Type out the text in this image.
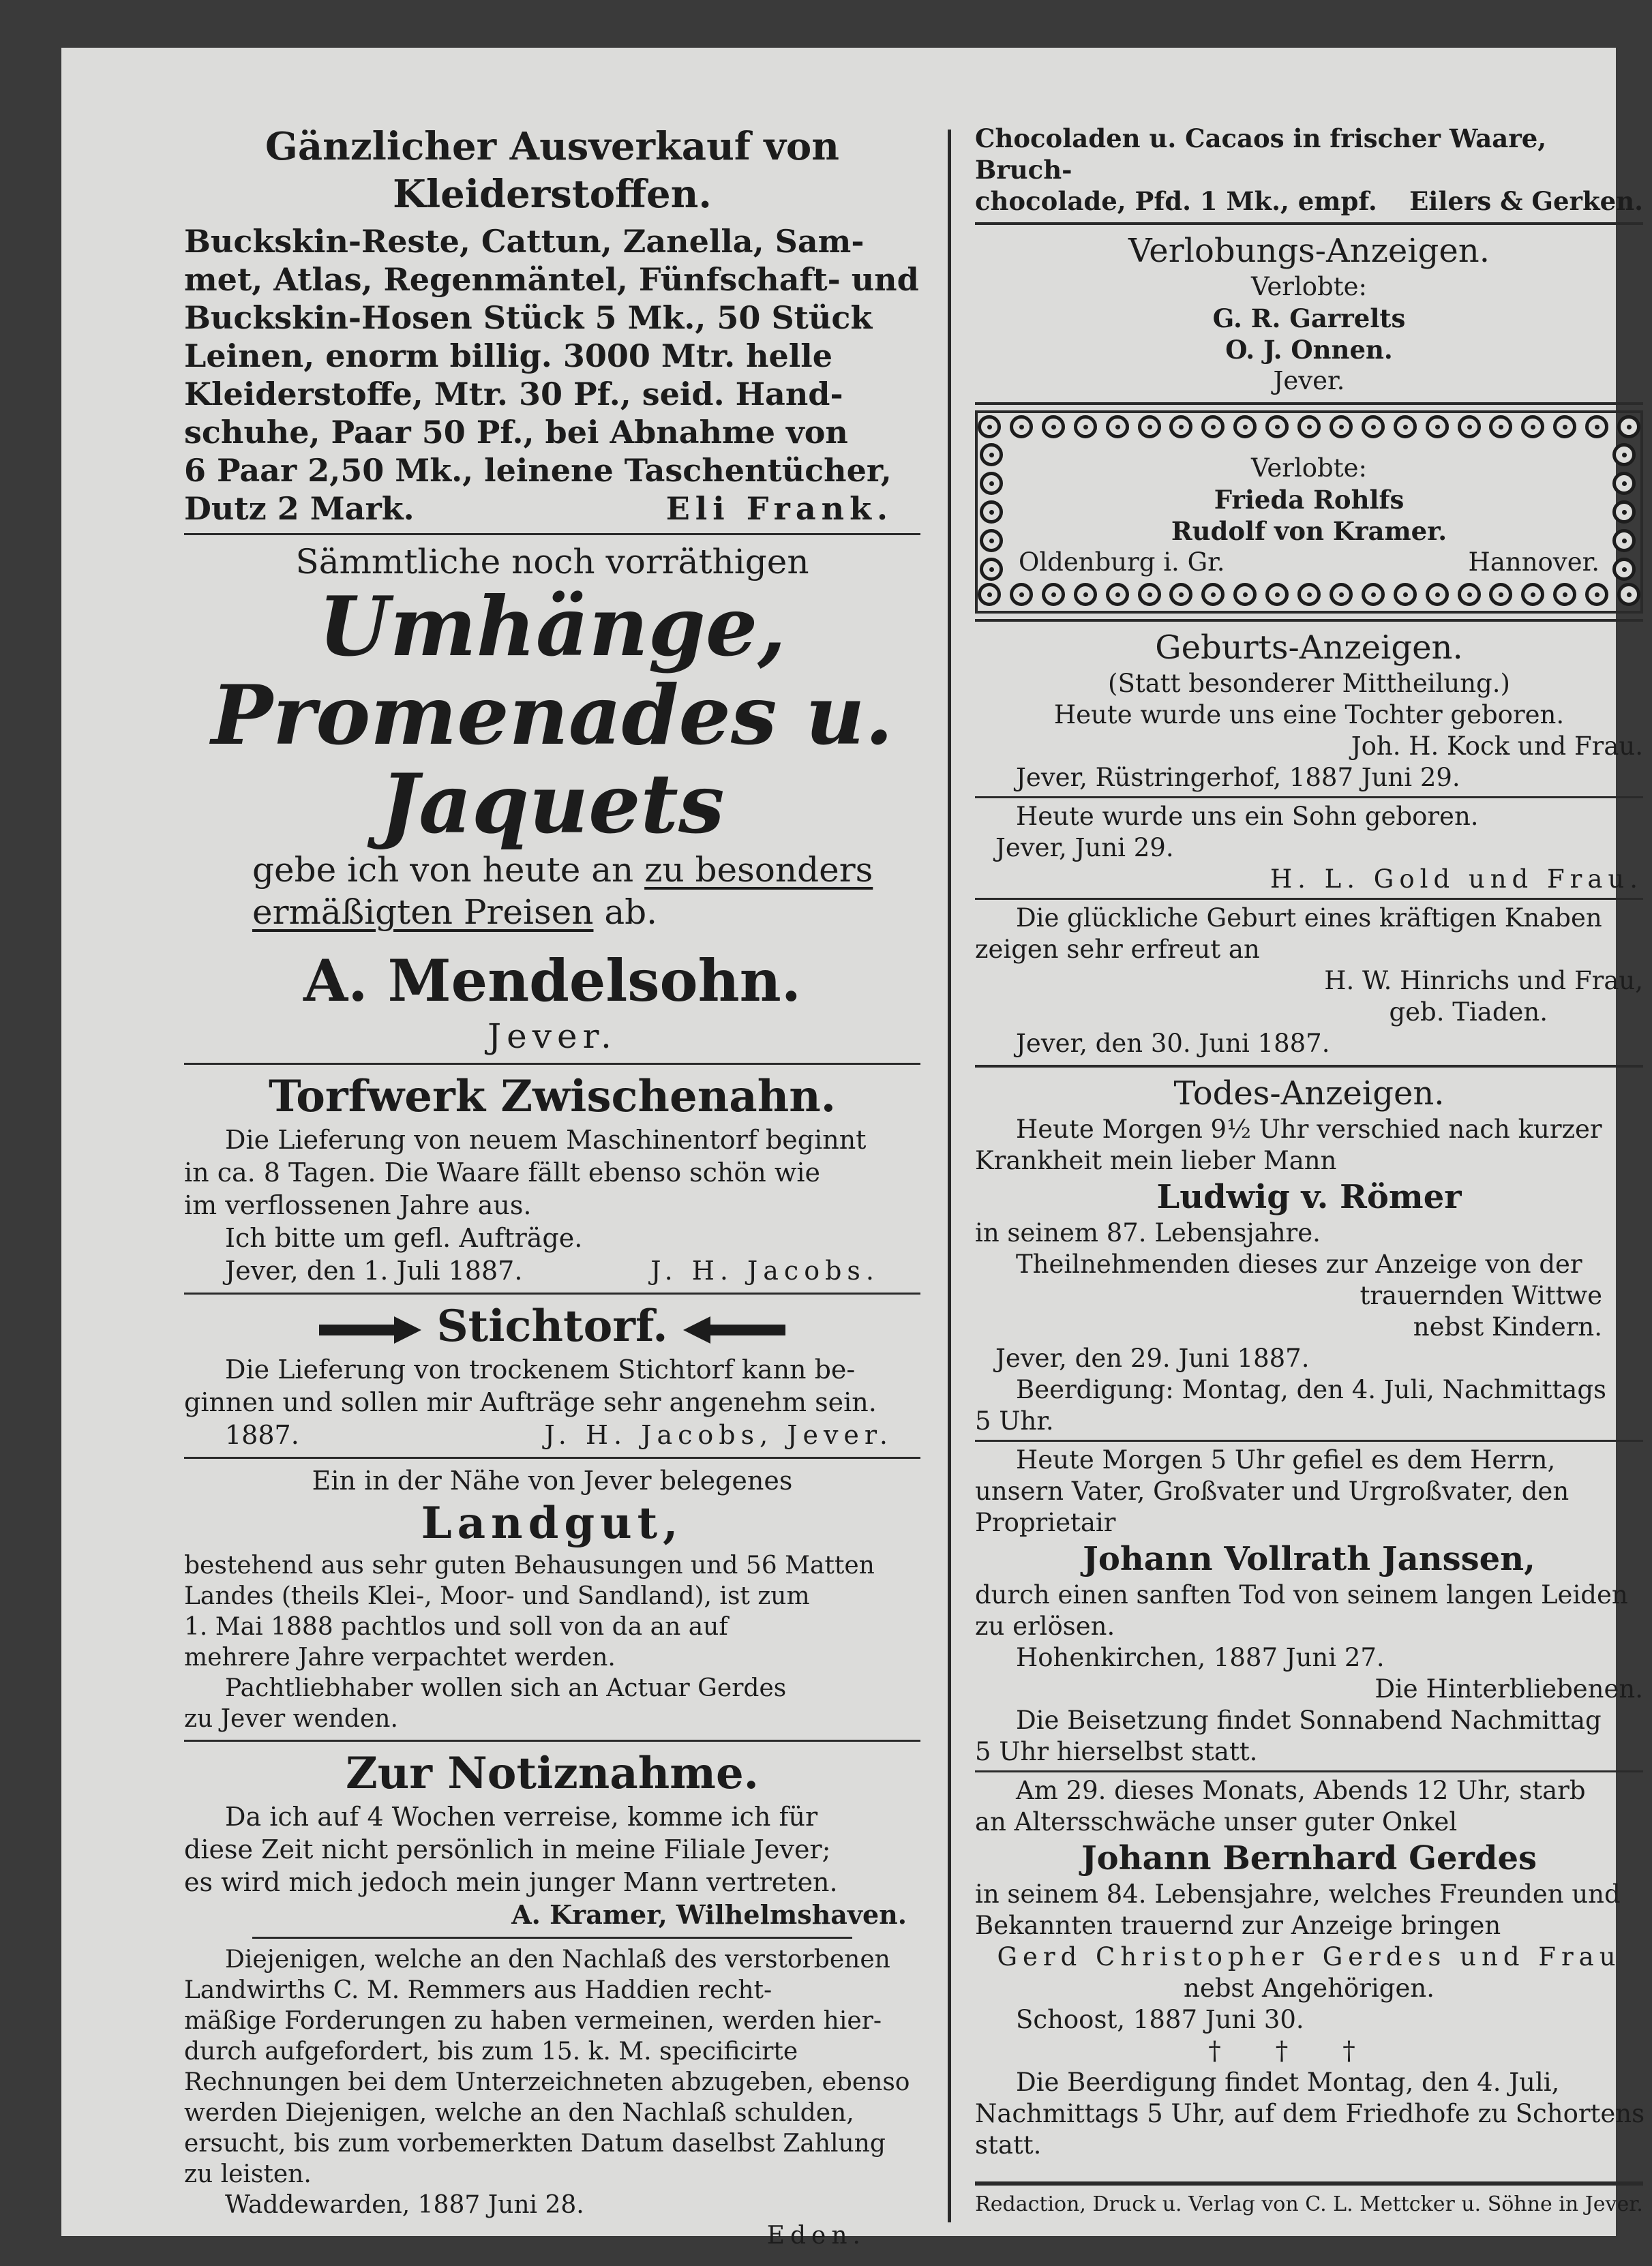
Gänzlicher Ausverkauf von
Kleiderstoffen.
Buckskin-Reste, Cattun, Zanella, Sam-
met, Atlas, Regenmäntel, Fünfschaft- und
Buckskin-Hosen Stück 5 Mk., 50 Stück
Leinen, enorm billig. 3000 Mtr. helle
Kleiderstoffe, Mtr. 30 Pf., seid. Hand-
schuhe, Paar 50 Pf., bei Abnahme von
6 Paar 2,50 Mk., leinene Taschentücher,
Dutz 2 Mark.	Eli Frank.
Sämmtliche noch vorräthigen
Umhänge,
Promenades u.
Jaquets
gebe ich von heute an zu besonders
ermäßigten Preisen ab.
A. Mendelsohn.
Jever.
Torfwerk Zwischenahn.
Die Lieferung von neuem Maschinentorf beginnt
in ca. 8 Tagen. Die Waare fällt ebenso schön wie
im verflossenen Jahre aus.
Ich bitte um gefl. Aufträge.
Jever, den 1. Juli 1887.	J. H. Jacobs.
Stichtorf.
Die Lieferung von trockenem Stichtorf kann be-
ginnen und sollen mir Aufträge sehr angenehm sein.
1887.	J. H. Jacobs, Jever.
Ein in der Nähe von Jever belegenes
Landgut,
bestehend aus sehr guten Behausungen und 56 Matten
Landes (theils Klei-, Moor- und Sandland), ist zum
1. Mai 1888 pachtlos und soll von da an auf
mehrere Jahre verpachtet werden.
Pachtliebhaber wollen sich an Actuar Gerdes
zu Jever wenden.
Zur Notiznahme.
Da ich auf 4 Wochen verreise, komme ich für
diese Zeit nicht persönlich in meine Filiale Jever;
es wird mich jedoch mein junger Mann vertreten.
A. Kramer, Wilhelmshaven.
Diejenigen, welche an den Nachlaß des verstorbenen
Landwirths C. M. Remmers aus Haddien recht-
mäßige Forderungen zu haben vermeinen, werden hier-
durch aufgefordert, bis zum 15. k. M. specificirte
Rechnungen bei dem Unterzeichneten abzugeben, ebenso
werden Diejenigen, welche an den Nachlaß schulden,
ersucht, bis zum vorbemerkten Datum daselbst Zahlung
zu leisten.
Waddewarden, 1887 Juni 28.
Eden.
Chocoladen u. Cacaos in frischer Waare, Bruch-
chocolade, Pfd. 1 Mk., empf. Eilers & Gerken.
Verlobungs-Anzeigen.
Verlobte:
G. R. Garrelts
O. J. Onnen.
Jever.
Verlobte:
Frieda Rohlfs
Rudolf von Kramer.
Oldenburg i. Gr.	Hannover.
Geburts-Anzeigen.
(Statt besonderer Mittheilung.)
Heute wurde uns eine Tochter geboren.
Joh. H. Kock und Frau.
Jever, Rüstringerhof, 1887 Juni 29.
Heute wurde uns ein Sohn geboren.
Jever, Juni 29.
H. L. Gold und Frau.
Die glückliche Geburt eines kräftigen Knaben
zeigen sehr erfreut an
H. W. Hinrichs und Frau,
geb. Tiaden.
Jever, den 30. Juni 1887.
Todes-Anzeigen.
Heute Morgen 9½ Uhr verschied nach kurzer
Krankheit mein lieber Mann
Ludwig v. Römer
in seinem 87. Lebensjahre.
Theilnehmenden dieses zur Anzeige von der
trauernden Wittwe
nebst Kindern.
Jever, den 29. Juni 1887.
Beerdigung: Montag, den 4. Juli, Nachmittags
5 Uhr.
Heute Morgen 5 Uhr gefiel es dem Herrn,
unsern Vater, Großvater und Urgroßvater, den
Proprietair
Johann Vollrath Janssen,
durch einen sanften Tod von seinem langen Leiden
zu erlösen.
Hohenkirchen, 1887 Juni 27.
Die Hinterbliebenen.
Die Beisetzung findet Sonnabend Nachmittag
5 Uhr hierselbst statt.
Am 29. dieses Monats, Abends 12 Uhr, starb
an Altersschwäche unser guter Onkel
Johann Bernhard Gerdes
in seinem 84. Lebensjahre, welches Freunden und
Bekannten trauernd zur Anzeige bringen
Gerd Christopher Gerdes und Frau
nebst Angehörigen.
Schoost, 1887 Juni 30.
†††
Die Beerdigung findet Montag, den 4. Juli,
Nachmittags 5 Uhr, auf dem Friedhofe zu Schortens
statt.
Redaction, Druck u. Verlag von C. L. Mettcker u. Söhne in Jever.
